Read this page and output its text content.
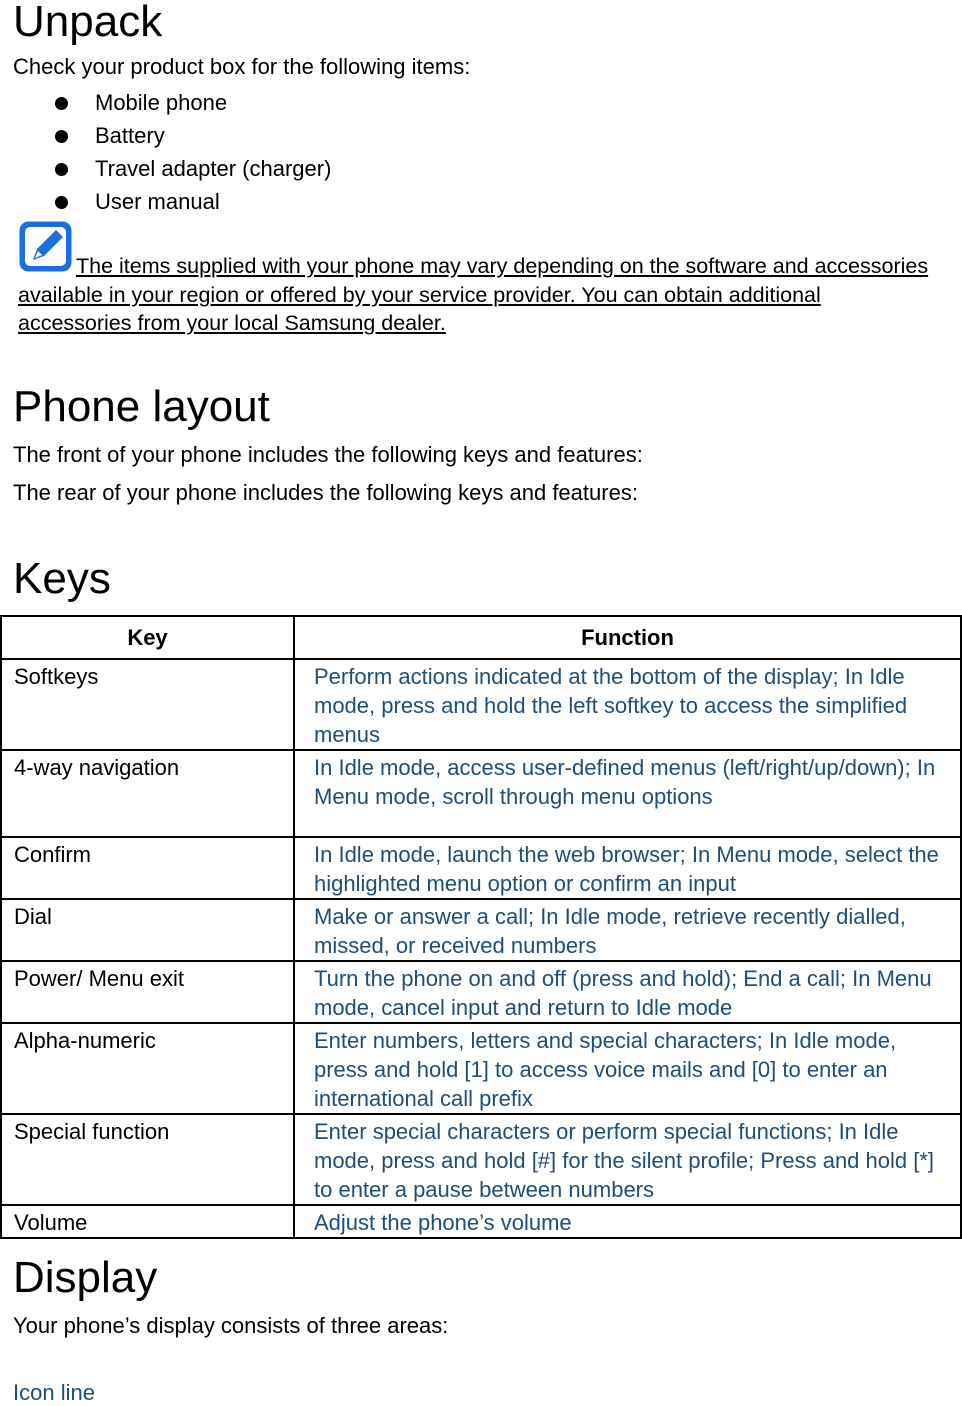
Unpack

Check your product box for the following items:

Mobile phone
Battery
Travel adapter (charger)
User manual

The items supplied with your phone may vary depending on the software and accessories available in your region or offered by your service provider. You can obtain additional accessories from your local Samsung dealer.

Phone layout

The front of your phone includes the following keys and features:

The rear of your phone includes the following keys and features:

Keys
Key	Function
Softkeys	Perform actions indicated at the bottom of the display; In Idle mode, press and hold the left softkey to access the simplified menus
4-way navigation	In Idle mode, access user-defined menus (left/right/up/down); In Menu mode, scroll through menu options
Confirm	In Idle mode, launch the web browser; In Menu mode, select the highlighted menu option or confirm an input
Dial	Make or answer a call; In Idle mode, retrieve recently dialled, missed, or received numbers
Power/ Menu exit	Turn the phone on and off (press and hold); End a call; In Menu mode, cancel input and return to Idle mode
Alpha-numeric	Enter numbers, letters and special characters; In Idle mode, press and hold [1] to access voice mails and [0] to enter an international call prefix
Special function	Enter special characters or perform special functions; In Idle mode, press and hold [#] for the silent profile; Press and hold [*] to enter a pause between numbers
Volume	Adjust the phone’s volume
Display

Your phone’s display consists of three areas:

Icon line
